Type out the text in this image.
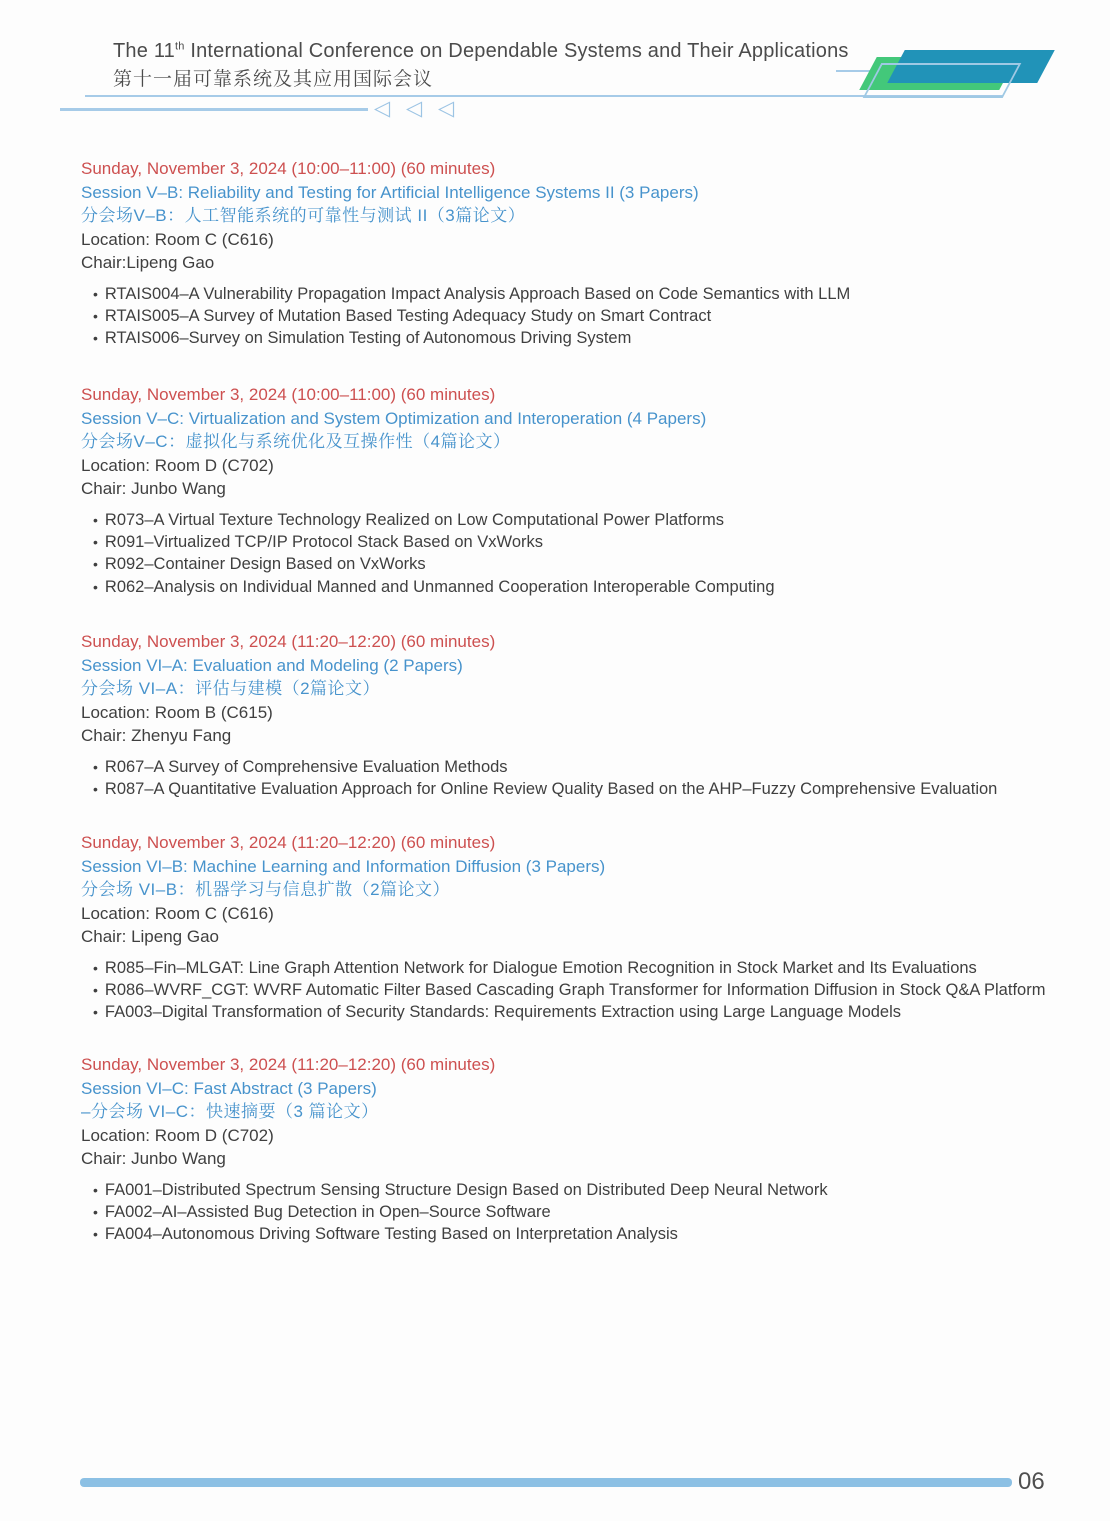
The 11th International Conference on Dependable Systems and Their Applications
第十一届可靠系统及其应用国际会议
◁ ◁ ◁
Sunday, November 3, 2024 (10:00–11:00) (60 minutes)
Session V–B: Reliability and Testing for Artificial Intelligence Systems II (3 Papers)
分会场V–B：人工智能系统的可靠性与测试 II（3篇论文）
Location: Room C (C616)
Chair:Lipeng Gao
• RTAIS004–A Vulnerability Propagation Impact Analysis Approach Based on Code Semantics with LLM
• RTAIS005–A Survey of Mutation Based Testing Adequacy Study on Smart Contract
• RTAIS006–Survey on Simulation Testing of Autonomous Driving System
Sunday, November 3, 2024 (10:00–11:00) (60 minutes)
Session V–C: Virtualization and System Optimization and Interoperation (4 Papers)
分会场V–C：虚拟化与系统优化及互操作性（4篇论文）
Location: Room D (C702)
Chair: Junbo Wang
• R073–A Virtual Texture Technology Realized on Low Computational Power Platforms
• R091–Virtualized TCP/IP Protocol Stack Based on VxWorks
• R092–Container Design Based on VxWorks
• R062–Analysis on Individual Manned and Unmanned Cooperation Interoperable Computing
Sunday, November 3, 2024 (11:20–12:20) (60 minutes)
Session VI–A: Evaluation and Modeling (2 Papers)
分会场 VI–A：评估与建模（2篇论文）
Location: Room B (C615)
Chair: Zhenyu Fang
• R067–A Survey of Comprehensive Evaluation Methods
• R087–A Quantitative Evaluation Approach for Online Review Quality Based on the AHP–Fuzzy Comprehensive Evaluation
Sunday, November 3, 2024 (11:20–12:20) (60 minutes)
Session VI–B: Machine Learning and Information Diffusion (3 Papers)
分会场 VI–B：机器学习与信息扩散（2篇论文）
Location: Room C (C616)
Chair: Lipeng Gao
• R085–Fin–MLGAT: Line Graph Attention Network for Dialogue Emotion Recognition in Stock Market and Its Evaluations
• R086–WVRF_CGT: WVRF Automatic Filter Based Cascading Graph Transformer for Information Diffusion in Stock Q&A Platform
• FA003–Digital Transformation of Security Standards: Requirements Extraction using Large Language Models
Sunday, November 3, 2024 (11:20–12:20) (60 minutes)
Session VI–C: Fast Abstract (3 Papers)
–分会场 VI–C：快速摘要（3 篇论文）
Location: Room D (C702)
Chair: Junbo Wang
• FA001–Distributed Spectrum Sensing Structure Design Based on Distributed Deep Neural Network
• FA002–AI–Assisted Bug Detection in Open–Source Software
• FA004–Autonomous Driving Software Testing Based on Interpretation Analysis
06
